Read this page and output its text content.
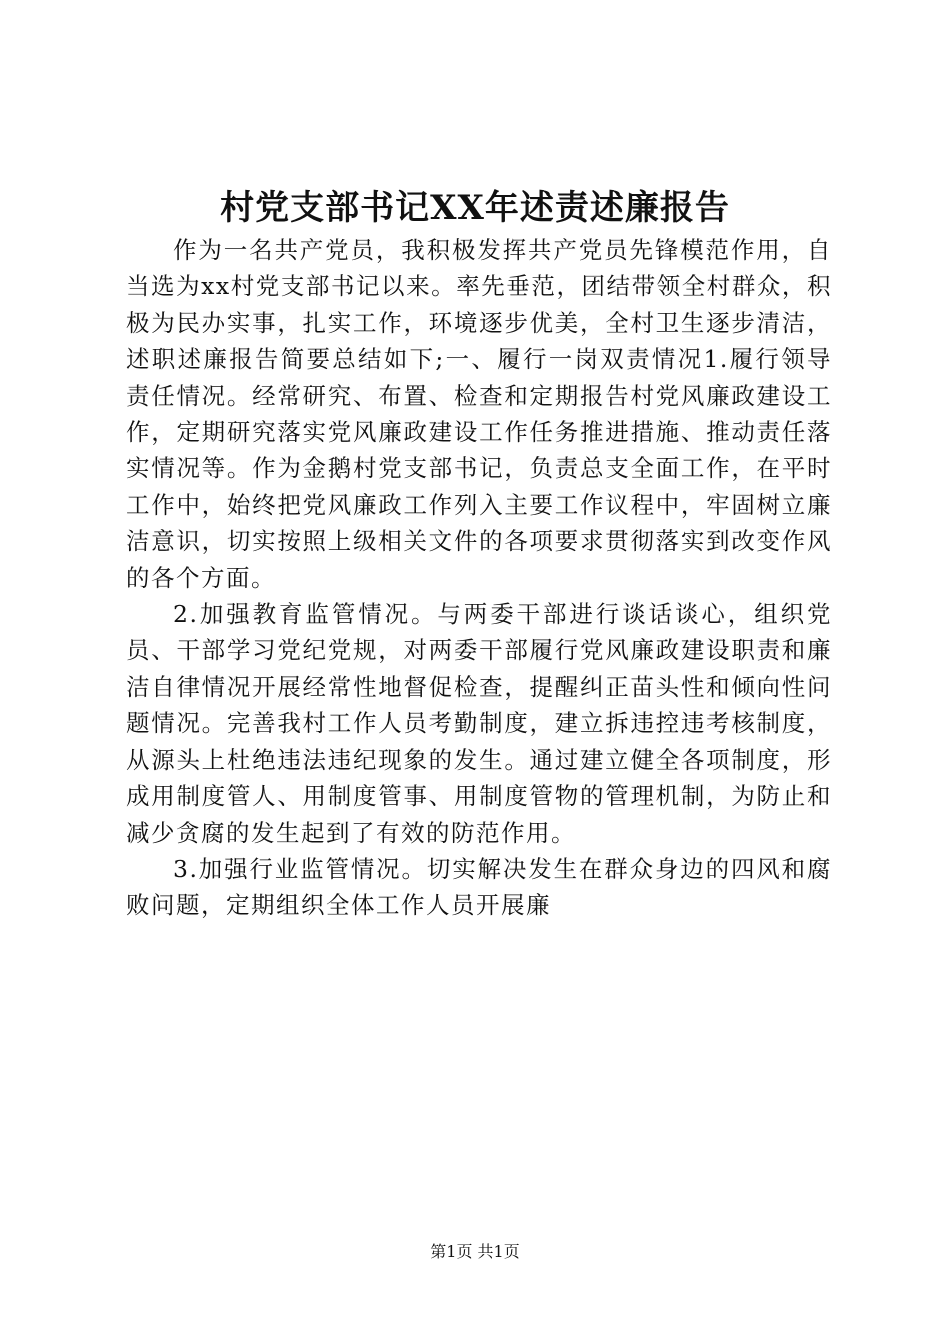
村党支部书记XX年述责述廉报告

作为一名共产党员，我积极发挥共产党员先锋模范作用，自当选为xx村党支部书记以来。率先垂范，团结带领全村群众，积极为民办实事，扎实工作，环境逐步优美，全村卫生逐步清洁，述职述廉报告简要总结如下;一、履行一岗双责情况1.履行领导责任情况。经常研究、布置、检查和定期报告村党风廉政建设工作，定期研究落实党风廉政建设工作任务推进措施、推动责任落实情况等。作为金鹅村党支部书记，负责总支全面工作，在平时工作中，始终把党风廉政工作列入主要工作议程中，牢固树立廉洁意识，切实按照上级相关文件的各项要求贯彻落实到改变作风的各个方面。

2.加强教育监管情况。与两委干部进行谈话谈心，组织党员、干部学习党纪党规，对两委干部履行党风廉政建设职责和廉洁自律情况开展经常性地督促检查，提醒纠正苗头性和倾向性问题情况。完善我村工作人员考勤制度，建立拆违控违考核制度，从源头上杜绝违法违纪现象的发生。通过建立健全各项制度，形成用制度管人、用制度管事、用制度管物的管理机制，为防止和减少贪腐的发生起到了有效的防范作用。

3.加强行业监管情况。切实解决发生在群众身边的四风和腐败问题，定期组织全体工作人员开展廉

第1页 共1页
